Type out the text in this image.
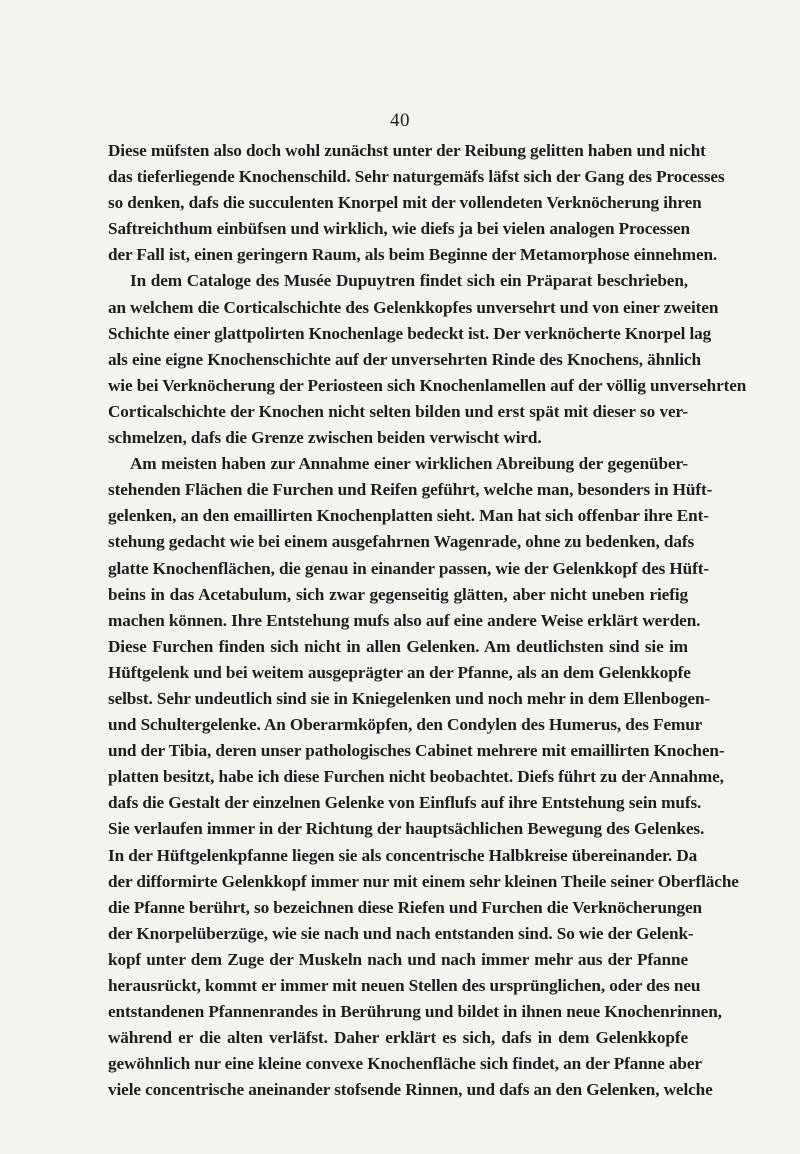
40
Diese müfsten also doch wohl zunächst unter der Reibung gelitten haben und nicht
das tieferliegende Knochenschild. Sehr naturgemäfs läfst sich der Gang des Processes
so denken, dafs die succulenten Knorpel mit der vollendeten Verknöcherung ihren
Saftreichthum einbüfsen und wirklich, wie diefs ja bei vielen analogen Processen
der Fall ist, einen geringern Raum, als beim Beginne der Metamorphose einnehmen.
In dem Cataloge des Musée Dupuytren findet sich ein Präparat beschrieben,
an welchem die Corticalschichte des Gelenkkopfes unversehrt und von einer zweiten
Schichte einer glattpolirten Knochenlage bedeckt ist. Der verknöcherte Knorpel lag
als eine eigne Knochenschichte auf der unversehrten Rinde des Knochens, ähnlich
wie bei Verknöcherung der Periosteen sich Knochenlamellen auf der völlig unversehrten
Corticalschichte der Knochen nicht selten bilden und erst spät mit dieser so ver-
schmelzen, dafs die Grenze zwischen beiden verwischt wird.
Am meisten haben zur Annahme einer wirklichen Abreibung der gegenüber-
stehenden Flächen die Furchen und Reifen geführt, welche man, besonders in Hüft-
gelenken, an den emaillirten Knochenplatten sieht. Man hat sich offenbar ihre Ent-
stehung gedacht wie bei einem ausgefahrnen Wagenrade, ohne zu bedenken, dafs
glatte Knochenflächen, die genau in einander passen, wie der Gelenkkopf des Hüft-
beins in das Acetabulum, sich zwar gegenseitig glätten, aber nicht uneben riefig
machen können. Ihre Entstehung mufs also auf eine andere Weise erklärt werden.
Diese Furchen finden sich nicht in allen Gelenken. Am deutlichsten sind sie im
Hüftgelenk und bei weitem ausgeprägter an der Pfanne, als an dem Gelenkkopfe
selbst. Sehr undeutlich sind sie in Kniegelenken und noch mehr in dem Ellenbogen-
und Schultergelenke. An Oberarmköpfen, den Condylen des Humerus, des Femur
und der Tibia, deren unser pathologisches Cabinet mehrere mit emaillirten Knochen-
platten besitzt, habe ich diese Furchen nicht beobachtet. Diefs führt zu der Annahme,
dafs die Gestalt der einzelnen Gelenke von Einflufs auf ihre Entstehung sein mufs.
Sie verlaufen immer in der Richtung der hauptsächlichen Bewegung des Gelenkes.
In der Hüftgelenkpfanne liegen sie als concentrische Halbkreise übereinander. Da
der difformirte Gelenkkopf immer nur mit einem sehr kleinen Theile seiner Oberfläche
die Pfanne berührt, so bezeichnen diese Riefen und Furchen die Verknöcherungen
der Knorpelüberzüge, wie sie nach und nach entstanden sind. So wie der Gelenk-
kopf unter dem Zuge der Muskeln nach und nach immer mehr aus der Pfanne
herausrückt, kommt er immer mit neuen Stellen des ursprünglichen, oder des neu
entstandenen Pfannenrandes in Berührung und bildet in ihnen neue Knochenrinnen,
während er die alten verläfst. Daher erklärt es sich, dafs in dem Gelenkkopfe
gewöhnlich nur eine kleine convexe Knochenfläche sich findet, an der Pfanne aber
viele concentrische aneinander stofsende Rinnen, und dafs an den Gelenken, welche
